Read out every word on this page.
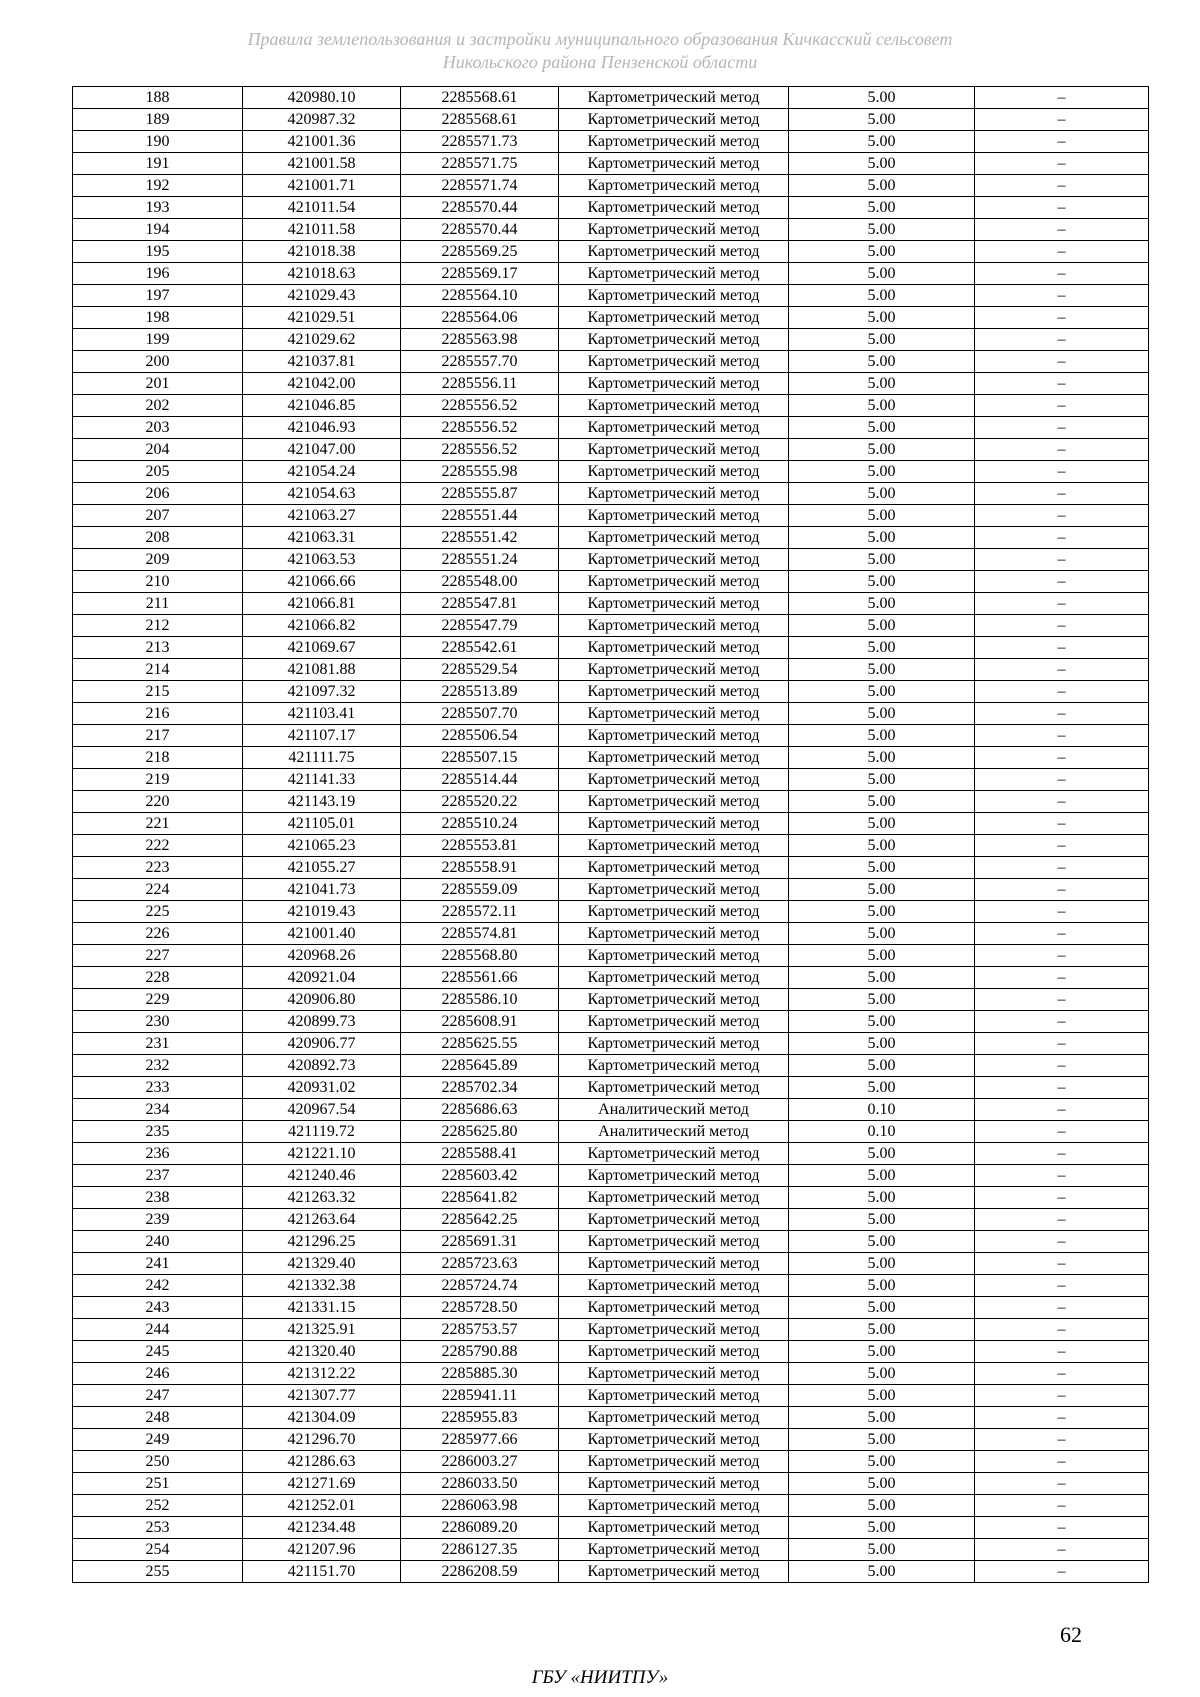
Правила землепользования и застройки муниципального образования Кичкасский сельсовет
Никольского района Пензенской области
188	420980.10	2285568.61	Картометрический метод	5.00	–
189	420987.32	2285568.61	Картометрический метод	5.00	–
190	421001.36	2285571.73	Картометрический метод	5.00	–
191	421001.58	2285571.75	Картометрический метод	5.00	–
192	421001.71	2285571.74	Картометрический метод	5.00	–
193	421011.54	2285570.44	Картометрический метод	5.00	–
194	421011.58	2285570.44	Картометрический метод	5.00	–
195	421018.38	2285569.25	Картометрический метод	5.00	–
196	421018.63	2285569.17	Картометрический метод	5.00	–
197	421029.43	2285564.10	Картометрический метод	5.00	–
198	421029.51	2285564.06	Картометрический метод	5.00	–
199	421029.62	2285563.98	Картометрический метод	5.00	–
200	421037.81	2285557.70	Картометрический метод	5.00	–
201	421042.00	2285556.11	Картометрический метод	5.00	–
202	421046.85	2285556.52	Картометрический метод	5.00	–
203	421046.93	2285556.52	Картометрический метод	5.00	–
204	421047.00	2285556.52	Картометрический метод	5.00	–
205	421054.24	2285555.98	Картометрический метод	5.00	–
206	421054.63	2285555.87	Картометрический метод	5.00	–
207	421063.27	2285551.44	Картометрический метод	5.00	–
208	421063.31	2285551.42	Картометрический метод	5.00	–
209	421063.53	2285551.24	Картометрический метод	5.00	–
210	421066.66	2285548.00	Картометрический метод	5.00	–
211	421066.81	2285547.81	Картометрический метод	5.00	–
212	421066.82	2285547.79	Картометрический метод	5.00	–
213	421069.67	2285542.61	Картометрический метод	5.00	–
214	421081.88	2285529.54	Картометрический метод	5.00	–
215	421097.32	2285513.89	Картометрический метод	5.00	–
216	421103.41	2285507.70	Картометрический метод	5.00	–
217	421107.17	2285506.54	Картометрический метод	5.00	–
218	421111.75	2285507.15	Картометрический метод	5.00	–
219	421141.33	2285514.44	Картометрический метод	5.00	–
220	421143.19	2285520.22	Картометрический метод	5.00	–
221	421105.01	2285510.24	Картометрический метод	5.00	–
222	421065.23	2285553.81	Картометрический метод	5.00	–
223	421055.27	2285558.91	Картометрический метод	5.00	–
224	421041.73	2285559.09	Картометрический метод	5.00	–
225	421019.43	2285572.11	Картометрический метод	5.00	–
226	421001.40	2285574.81	Картометрический метод	5.00	–
227	420968.26	2285568.80	Картометрический метод	5.00	–
228	420921.04	2285561.66	Картометрический метод	5.00	–
229	420906.80	2285586.10	Картометрический метод	5.00	–
230	420899.73	2285608.91	Картометрический метод	5.00	–
231	420906.77	2285625.55	Картометрический метод	5.00	–
232	420892.73	2285645.89	Картометрический метод	5.00	–
233	420931.02	2285702.34	Картометрический метод	5.00	–
234	420967.54	2285686.63	Аналитический метод	0.10	–
235	421119.72	2285625.80	Аналитический метод	0.10	–
236	421221.10	2285588.41	Картометрический метод	5.00	–
237	421240.46	2285603.42	Картометрический метод	5.00	–
238	421263.32	2285641.82	Картометрический метод	5.00	–
239	421263.64	2285642.25	Картометрический метод	5.00	–
240	421296.25	2285691.31	Картометрический метод	5.00	–
241	421329.40	2285723.63	Картометрический метод	5.00	–
242	421332.38	2285724.74	Картометрический метод	5.00	–
243	421331.15	2285728.50	Картометрический метод	5.00	–
244	421325.91	2285753.57	Картометрический метод	5.00	–
245	421320.40	2285790.88	Картометрический метод	5.00	–
246	421312.22	2285885.30	Картометрический метод	5.00	–
247	421307.77	2285941.11	Картометрический метод	5.00	–
248	421304.09	2285955.83	Картометрический метод	5.00	–
249	421296.70	2285977.66	Картометрический метод	5.00	–
250	421286.63	2286003.27	Картометрический метод	5.00	–
251	421271.69	2286033.50	Картометрический метод	5.00	–
252	421252.01	2286063.98	Картометрический метод	5.00	–
253	421234.48	2286089.20	Картометрический метод	5.00	–
254	421207.96	2286127.35	Картометрический метод	5.00	–
255	421151.70	2286208.59	Картометрический метод	5.00	–
62
ГБУ «НИИТПУ»
